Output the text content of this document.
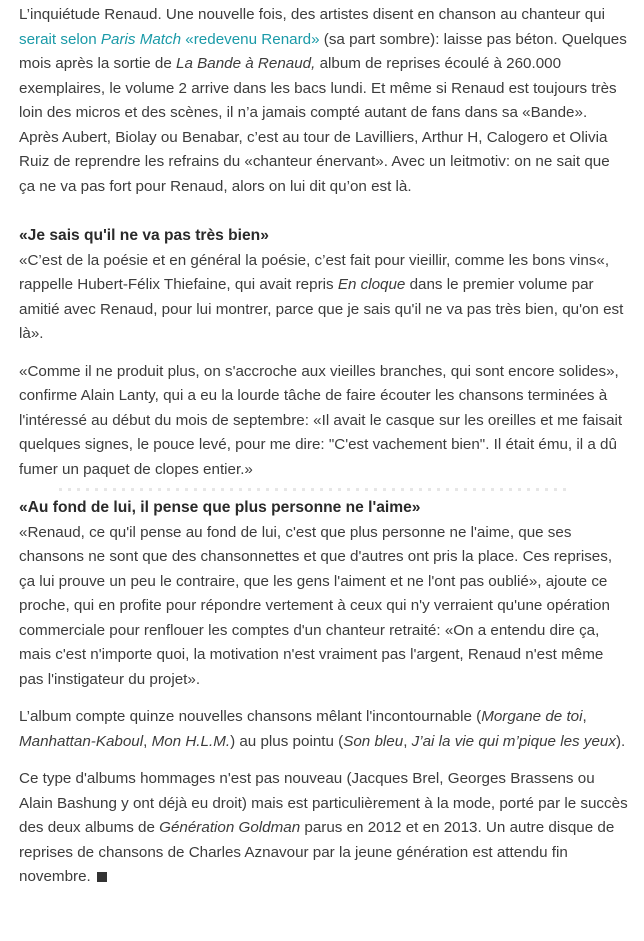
L’inquiétude Renaud. Une nouvelle fois, des artistes disent en chanson au chanteur qui serait selon Paris Match «redevenu Renard» (sa part sombre): laisse pas béton. Quelques mois après la sortie de La Bande à Renaud, album de reprises écoulé à 260.000 exemplaires, le volume 2 arrive dans les bacs lundi. Et même si Renaud est toujours très loin des micros et des scènes, il n’a jamais compté autant de fans dans sa «Bande». Après Aubert, Biolay ou Benabar, c’est au tour de Lavilliers, Arthur H, Calogero et Olivia Ruiz de reprendre les refrains du «chanteur énervant». Avec un leitmotiv: on ne sait que ça ne va pas fort pour Renaud, alors on lui dit qu’on est là.

«Je sais qu'il ne va pas très bien»

«C’est de la poésie et en général la poésie, c’est fait pour vieillir, comme les bons vins«, rappelle Hubert-Félix Thiefaine, qui avait repris En cloque dans le premier volume par amitié avec Renaud, pour lui montrer, parce que je sais qu'il ne va pas très bien, qu'on est là».

«Comme il ne produit plus, on s'accroche aux vieilles branches, qui sont encore solides», confirme Alain Lanty, qui a eu la lourde tâche de faire écouter les chansons terminées à l'intéressé au début du mois de septembre: «Il avait le casque sur les oreilles et me faisait quelques signes, le pouce levé, pour me dire: "C'est vachement bien". Il était ému, il a dû fumer un paquet de clopes entier.»

«Au fond de lui, il pense que plus personne ne l'aime»

«Renaud, ce qu'il pense au fond de lui, c'est que plus personne ne l'aime, que ses chansons ne sont que des chansonnettes et que d'autres ont pris la place. Ces reprises, ça lui prouve un peu le contraire, que les gens l'aiment et ne l'ont pas oublié», ajoute ce proche, qui en profite pour répondre vertement à ceux qui n'y verraient qu'une opération commerciale pour renflouer les comptes d'un chanteur retraité: «On a entendu dire ça, mais c'est n'importe quoi, la motivation n'est vraiment pas l'argent, Renaud n'est même pas l'instigateur du projet».

L’album compte quinze nouvelles chansons mêlant l'incontournable (Morgane de toi, Manhattan-Kaboul, Mon H.L.M.) au plus pointu (Son bleu, J’ai la vie qui m’pique les yeux).

Ce type d'albums hommages n'est pas nouveau (Jacques Brel, Georges Brassens ou Alain Bashung y ont déjà eu droit) mais est particulièrement à la mode, porté par le succès des deux albums de Génération Goldman parus en 2012 et en 2013. Un autre disque de reprises de chansons de Charles Aznavour par la jeune génération est attendu fin novembre.
